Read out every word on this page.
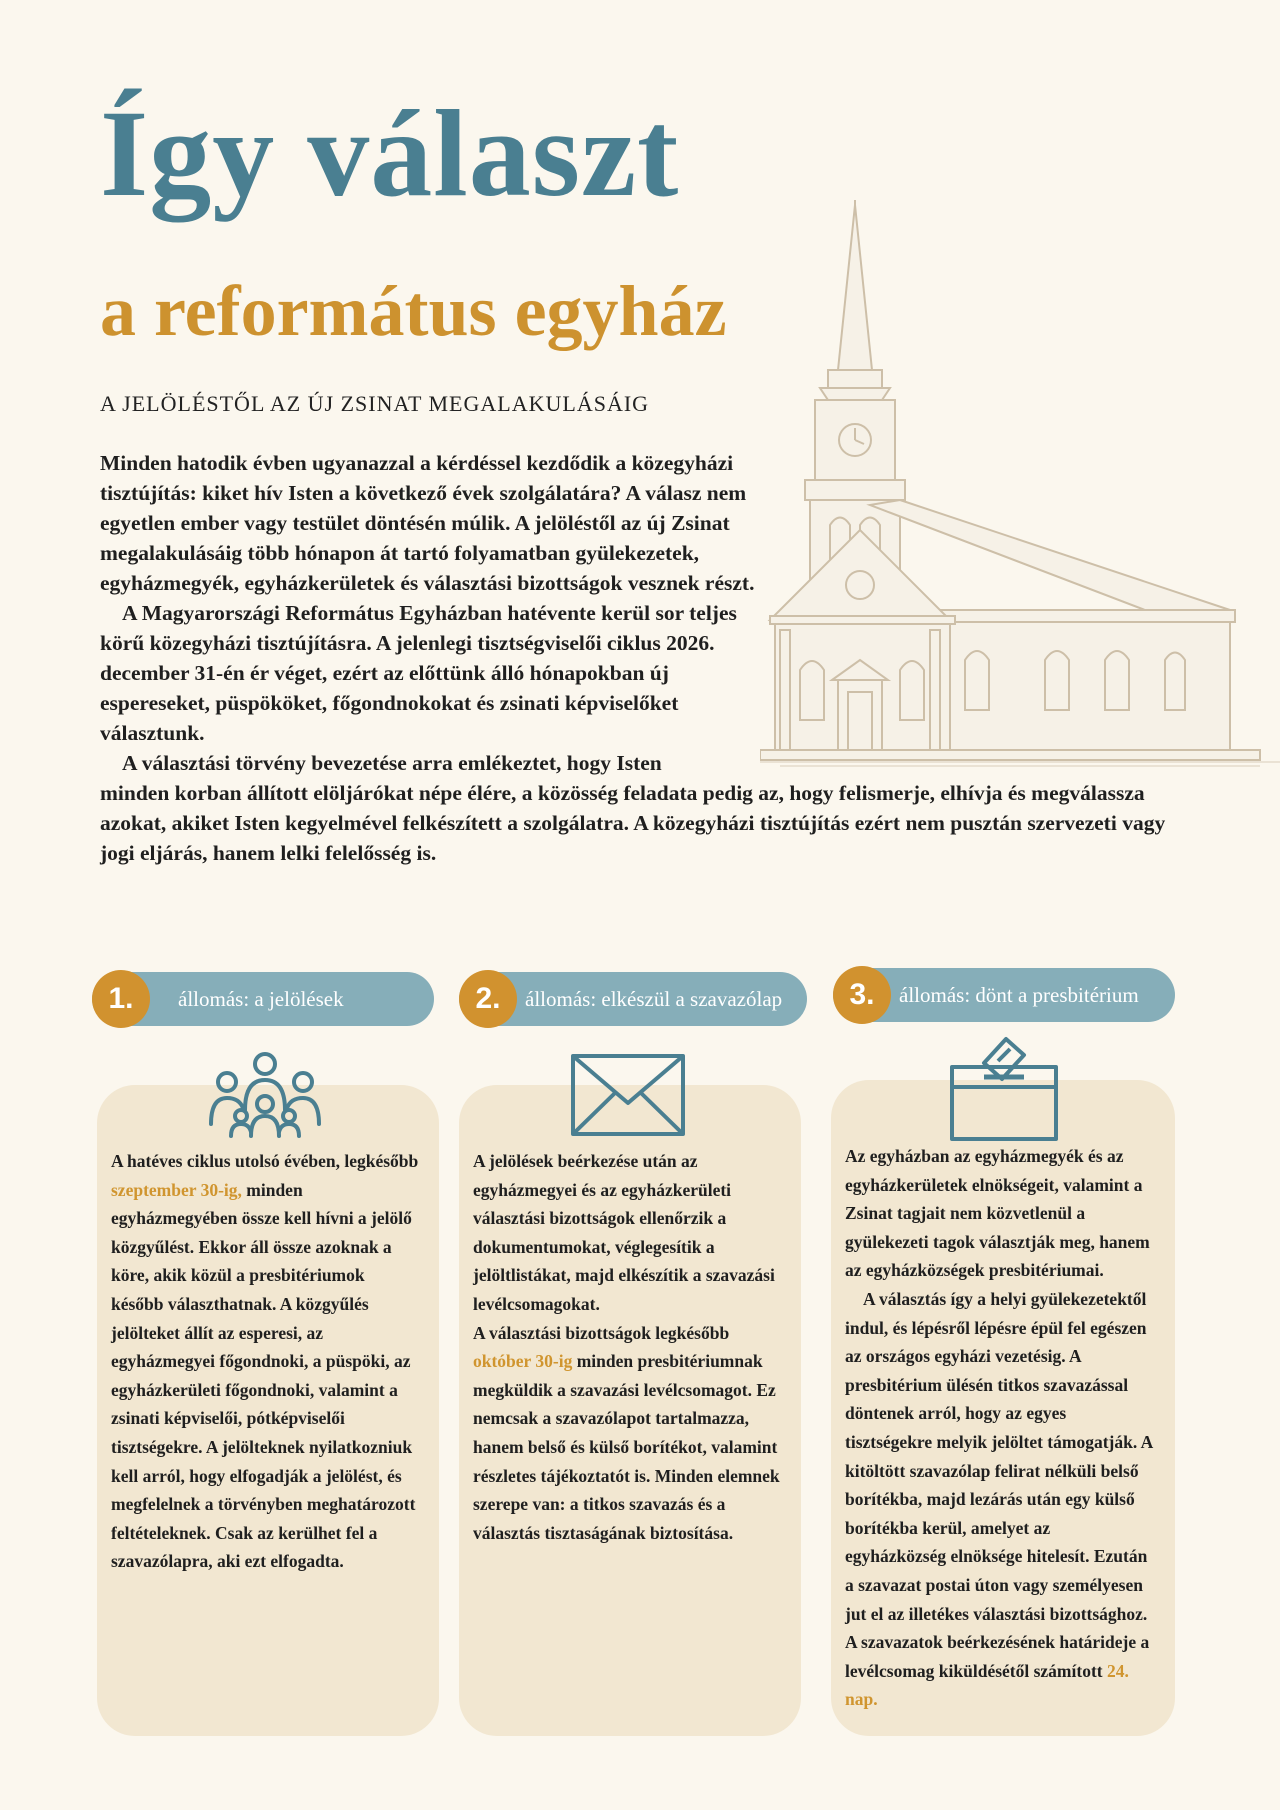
Így választ
a református egyház
A JELÖLÉSTŐL AZ ÚJ ZSINAT MEGALAKULÁSÁIG

Minden hatodik évben ugyanazzal a kérdéssel kezdődik a közegyházi tisztújítás: kiket hív Isten a következő évek szolgálatára? A válasz nem egyetlen ember vagy testület döntésén múlik. A jelöléstől az új Zsinat megalakulásáig több hónapon át tartó folyamatban gyülekezetek, egyházmegyék, egyházkerületek és választási bizottságok vesznek részt.

A Magyarországi Református Egyházban hatévente kerül sor teljes körű közegyházi tisztújításra. A jelenlegi tisztségviselői ciklus 2026. december 31-én ér véget, ezért az előttünk álló hónapokban új espereseket, püspököket, főgondnokokat és zsinati képviselőket választunk.

A választási törvény bevezetése arra emlékeztet, hogy Isten
minden korban állított elöljárókat népe élére, a közösség feladata pedig az, hogy felismerje, elhívja és megválassza azokat, akiket Isten kegyelmével felkészített a szolgálatra. A közegyházi tisztújítás ezért nem pusztán szervezeti vagy jogi eljárás, hanem lelki felelősség is.

1.	állomás: a jelölések	2.	állomás: elkészül a szavazólap	3.	állomás: dönt a presbitérium

A hatéves ciklus utolsó évében, legkésőbb szeptember 30-ig, minden egyházmegyében össze kell hívni a jelölő közgyűlést. Ekkor áll össze azoknak a köre, akik közül a presbitériumok később választhatnak. A közgyűlés jelölteket állít az esperesi, az egyházmegyei főgondnoki, a püspöki, az egyházkerületi főgondnoki, valamint a zsinati képviselői, pótképviselői tisztségekre. A jelölteknek nyilatkozniuk kell arról, hogy elfogadják a jelölést, és megfelelnek a törvényben meghatározott feltételeknek. Csak az kerülhet fel a szavazólapra, aki ezt elfogadta.

A jelölések beérkezése után az egyházmegyei és az egyházkerületi választási bizottságok ellenőrzik a dokumentumokat, véglegesítik a jelöltlistákat, majd elkészítik a szavazási levélcsomagokat.

A választási bizottságok legkésőbb október 30-ig minden presbitériumnak megküldik a szavazási levélcsomagot. Ez nemcsak a szavazólapot tartalmazza, hanem belső és külső borítékot, valamint részletes tájékoztatót is. Minden elemnek szerepe van: a titkos szavazás és a választás tisztaságának biztosítása.

Az egyházban az egyházmegyék és az egyházkerületek elnökségeit, valamint a Zsinat tagjait nem közvetlenül a gyülekezeti tagok választják meg, hanem az egyházközségek presbitériumai.

A választás így a helyi gyülekezetektől indul, és lépésről lépésre épül fel egészen az országos egyházi vezetésig. A presbitérium ülésén titkos szavazással döntenek arról, hogy az egyes tisztségekre melyik jelöltet támogatják. A kitöltött szavazólap felirat nélküli belső borítékba, majd lezárás után egy külső borítékba kerül, amelyet az egyházközség elnöksége hitelesít. Ezután a szavazat postai úton vagy személyesen jut el az illetékes választási bizottsághoz. A szavazatok beérkezésének határideje a levélcsomag kiküldésétől számított 24. nap.
